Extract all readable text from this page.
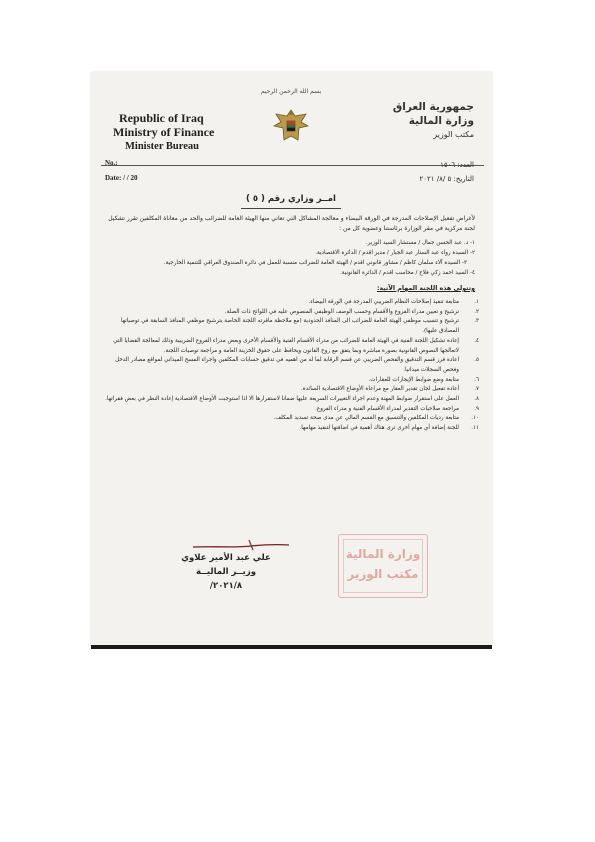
بسم الله الرحمن الرحيم
Republic of Iraq
Ministry of Finance
Minister Bureau
جمهورية العراق
وزارة المالية
مكتب الوزير
No.:
Date: / / 20
العدد: ١٥٠٦
التاريخ: ٥ /٨/ ٢٠٢١
امــر وزاري رقم ( ٥ )
لأغراض تفعيل الإصلاحات المدرجة في الورقة البيضاء و معالجة المشاكل التي تعاني منها الهيئة العامة للضرائب والحد من معاناة المكلفين تقرر تشكيل لجنة مركزية في مقر الوزارة برئاستنا وعضوية كل من :
١- د. عبد الحسن جمال / مستشار السيد الوزير.
٢- السيدة رواء عبد الستار عبد الجبار / مدير اقدم / الدائرة الاقتصادية.
٣- السيدة آلاء سلمان كاظم / مشاور قانوني اقدم / الهيئة العامة للضرائب منسبة للعمل في دائرة الصندوق العراقي للتنمية الخارجية.
٤- السيد احمد زكي فلاح / محاسب اقدم / الدائرة القانونية.
وتتولى هذه اللجنة المهام الآتية:
١.
متابعة تنفيذ إصلاحات النظام الضريبي المدرجة في الورقة البيضاء.
٢.
ترشيح و تعيين مدراء الفروع والأقسام وحسب الوصف الوظيفي المنصوص عليه في اللوائح ذات الصلة.
٣.
ترشيح و تنسيب موظفي الهيئة العامة للضرائب الى المنافذ الحدودية (مع ملاحظة ماقرته اللجنة الخاصة بترشيح موظفي المنافذ السابقة في توصياتها المصادق عليها).
٤.
إعادة تشكيل اللجنة الفنية في الهيئة العامة للضرائب من مدراء الأقسام الفنية والأقسام الأخرى وبعض مدراء الفروع الضريبية وذلك لمعالجة القضايا التي لاتعالجها النصوص القانونية بصورة مباشرة وبما يتفق مع روح القانون ويحافظ على حقوق الخزينة العامة و مراجعة توصيات اللجنة.
٥.
اعادة فرز قسم التدقيق والفحص الضريبي عن قسم الرقابة لما له من اهميه في تدقيق حسابات المكلفين واجراء المسح الميداني لمواقع مصادر الدخل وفحص السجلات ميدانيا.
٦.
متابعة وضع ضوابط الإيجارات للعقارات.
٧.
أعادة تفعيل لجان تقدير العقار مع مراعاة الأوضاع الاقتصادية السائدة.
٨.
العمل على استقرار ضوابط المهنة وعدم اجراء التغييرات السريعة عليها ضمانا لاستقرارها الا اذا استوجبت الأوضاع الاقتصادية إعادة النظر في بعض فقراتها.
٩.
مراجعة صلاحيات التقدير لمدراء الأقسام الفنية و مدراء الفروع.
١٠.
متابعة رديات المكلفين والتنسيق مع القسم المالي عن مدى صحة تسديد المكلف.
١١.
للجنة إضافة أي مهام أخرى ترى هناك أهمية في اضافتها لتنفيذ مهامها.
علي عبد الأمير علاوي
وزيــر الماليــة
٢٠٢١/٨/
وزارة المالية
مكتب الوزير
